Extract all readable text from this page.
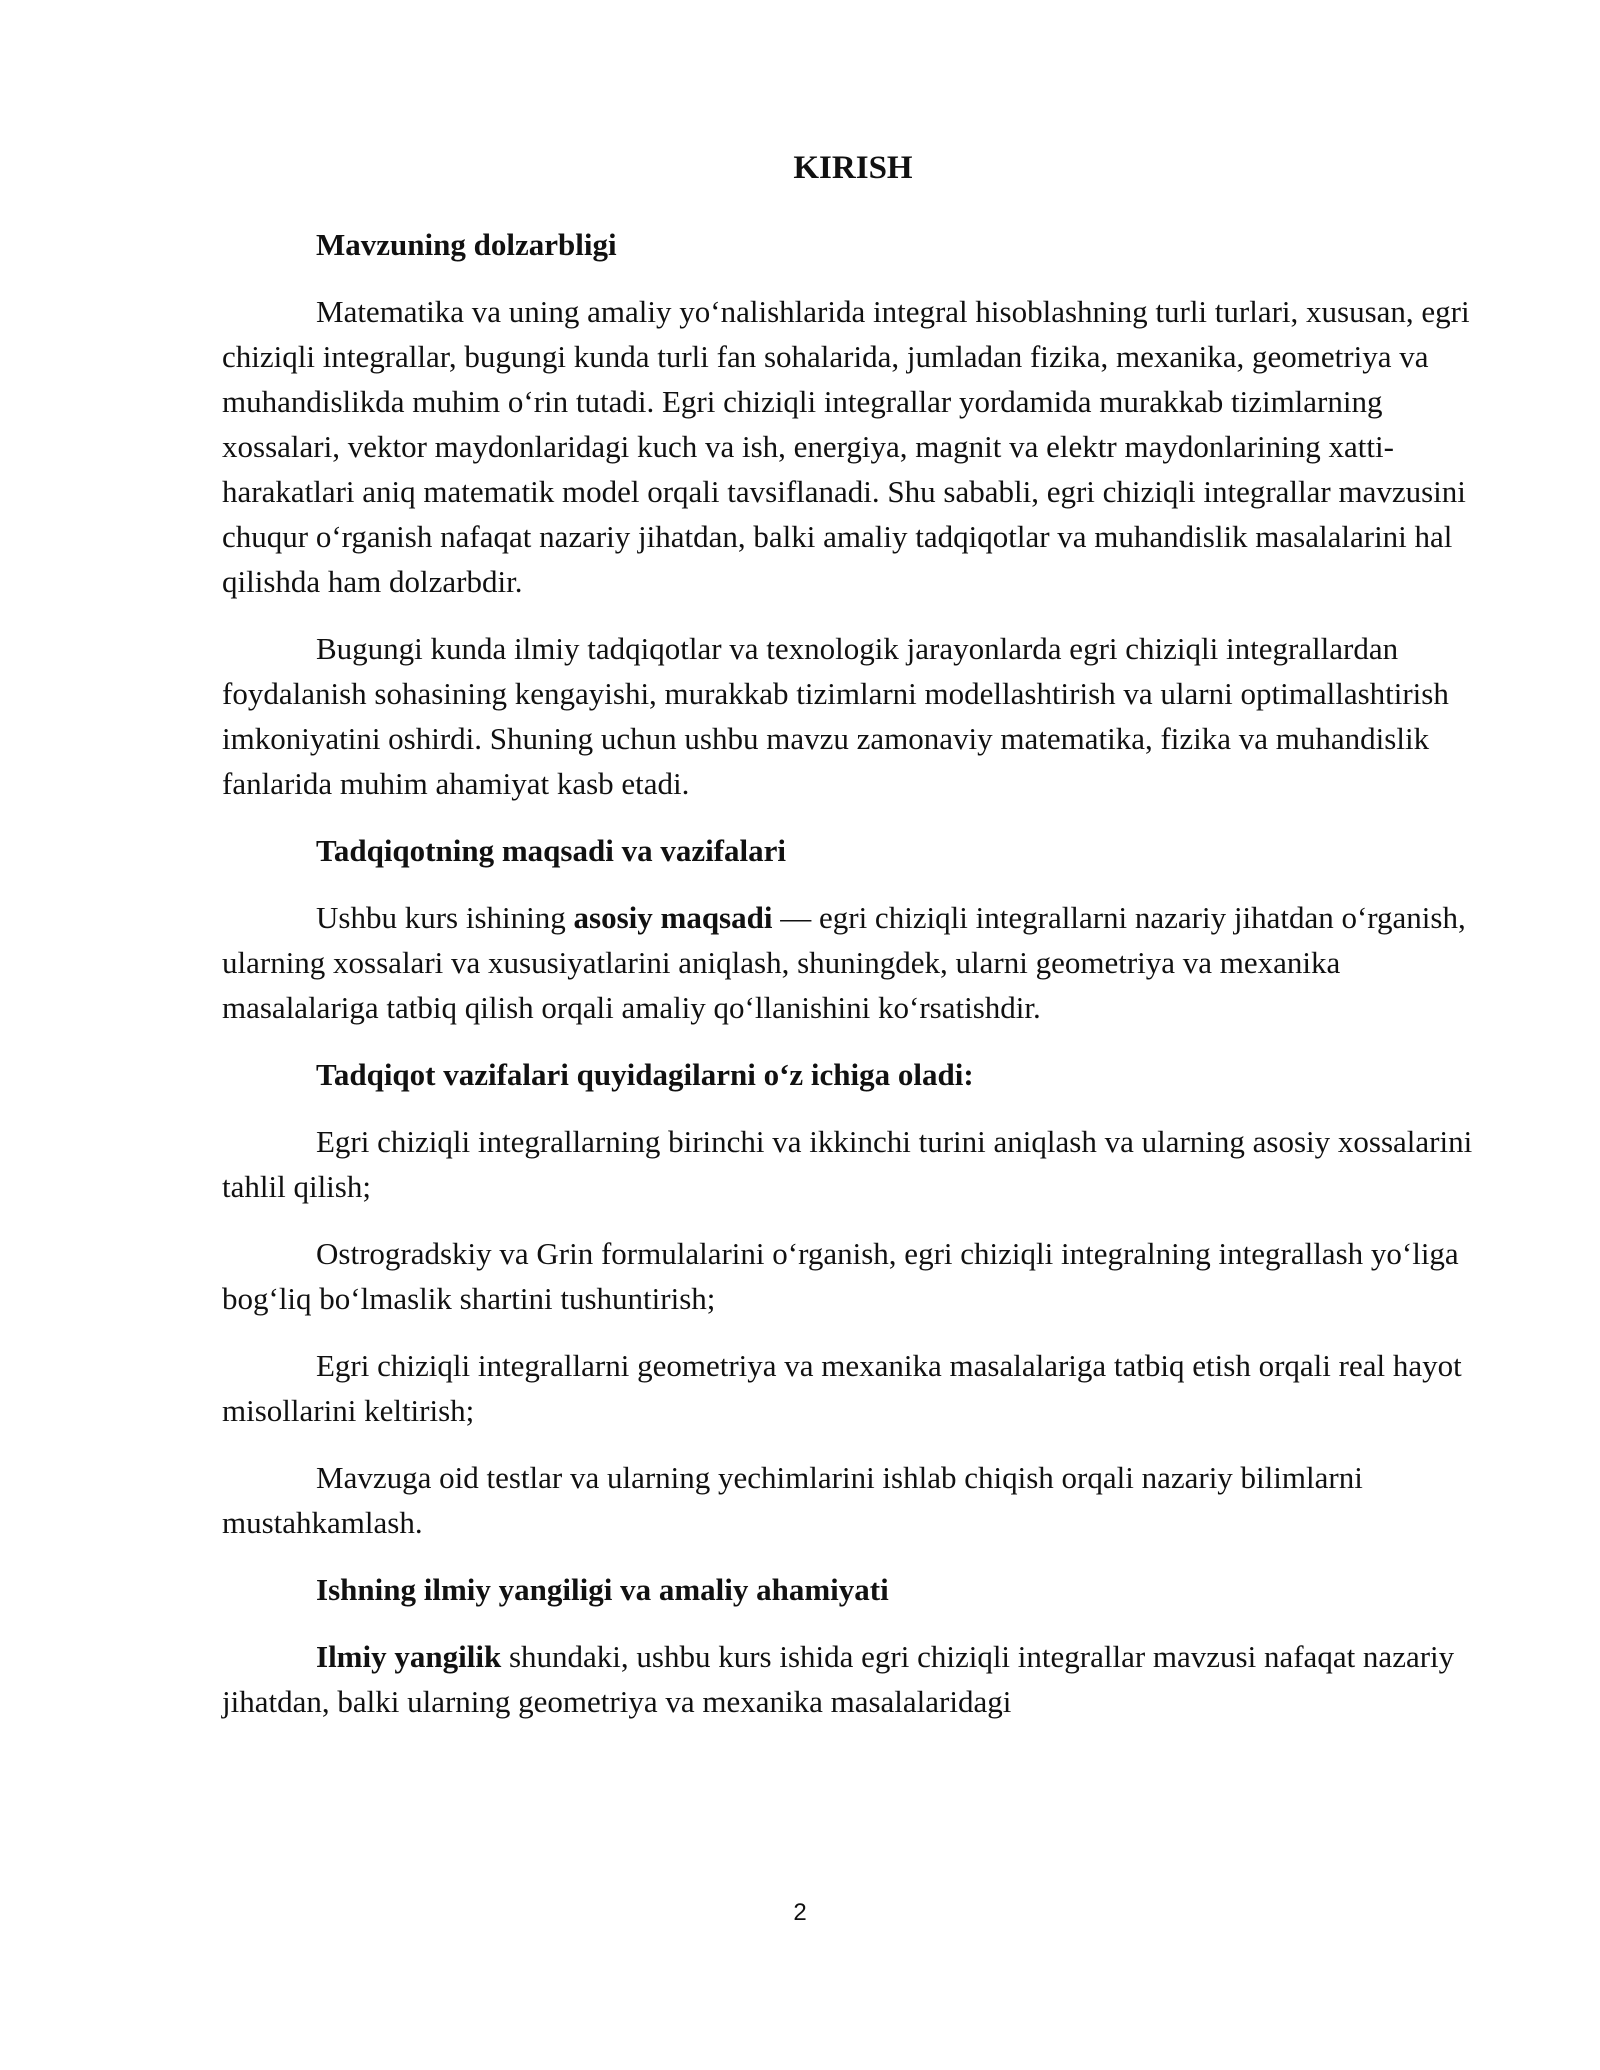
KIRISH
Mavzuning dolzarbligi

Matematika va uning amaliy yo‘nalishlarida integral hisoblashning turli turlari, xususan, egri chiziqli integrallar, bugungi kunda turli fan sohalarida, jumladan fizika, mexanika, geometriya va muhandislikda muhim o‘rin tutadi. Egri chiziqli integrallar yordamida murakkab tizimlarning xossalari, vektor maydonlaridagi kuch va ish, energiya, magnit va elektr maydonlarining xatti-harakatlari aniq matematik model orqali tavsiflanadi. Shu sababli, egri chiziqli integrallar mavzusini chuqur o‘rganish nafaqat nazariy jihatdan, balki amaliy tadqiqotlar va muhandislik masalalarini hal qilishda ham dolzarbdir.

Bugungi kunda ilmiy tadqiqotlar va texnologik jarayonlarda egri chiziqli integrallardan foydalanish sohasining kengayishi, murakkab tizimlarni modellashtirish va ularni optimallashtirish imkoniyatini oshirdi. Shuning uchun ushbu mavzu zamonaviy matematika, fizika va muhandislik fanlarida muhim ahamiyat kasb etadi.

Tadqiqotning maqsadi va vazifalari

Ushbu kurs ishining asosiy maqsadi — egri chiziqli integrallarni nazariy jihatdan o‘rganish, ularning xossalari va xususiyatlarini aniqlash, shuningdek, ularni geometriya va mexanika masalalariga tatbiq qilish orqali amaliy qo‘llanishini ko‘rsatishdir.

Tadqiqot vazifalari quyidagilarni o‘z ichiga oladi:

Egri chiziqli integrallarning birinchi va ikkinchi turini aniqlash va ularning asosiy xossalarini tahlil qilish;

Ostrogradskiy va Grin formulalarini o‘rganish, egri chiziqli integralning integrallash yo‘liga bog‘liq bo‘lmaslik shartini tushuntirish;

Egri chiziqli integrallarni geometriya va mexanika masalalariga tatbiq etish orqali real hayot misollarini keltirish;

Mavzuga oid testlar va ularning yechimlarini ishlab chiqish orqali nazariy bilimlarni mustahkamlash.

Ishning ilmiy yangiligi va amaliy ahamiyati

Ilmiy yangilik shundaki, ushbu kurs ishida egri chiziqli integrallar mavzusi nafaqat nazariy jihatdan, balki ularning geometriya va mexanika masalalaridagi

2
